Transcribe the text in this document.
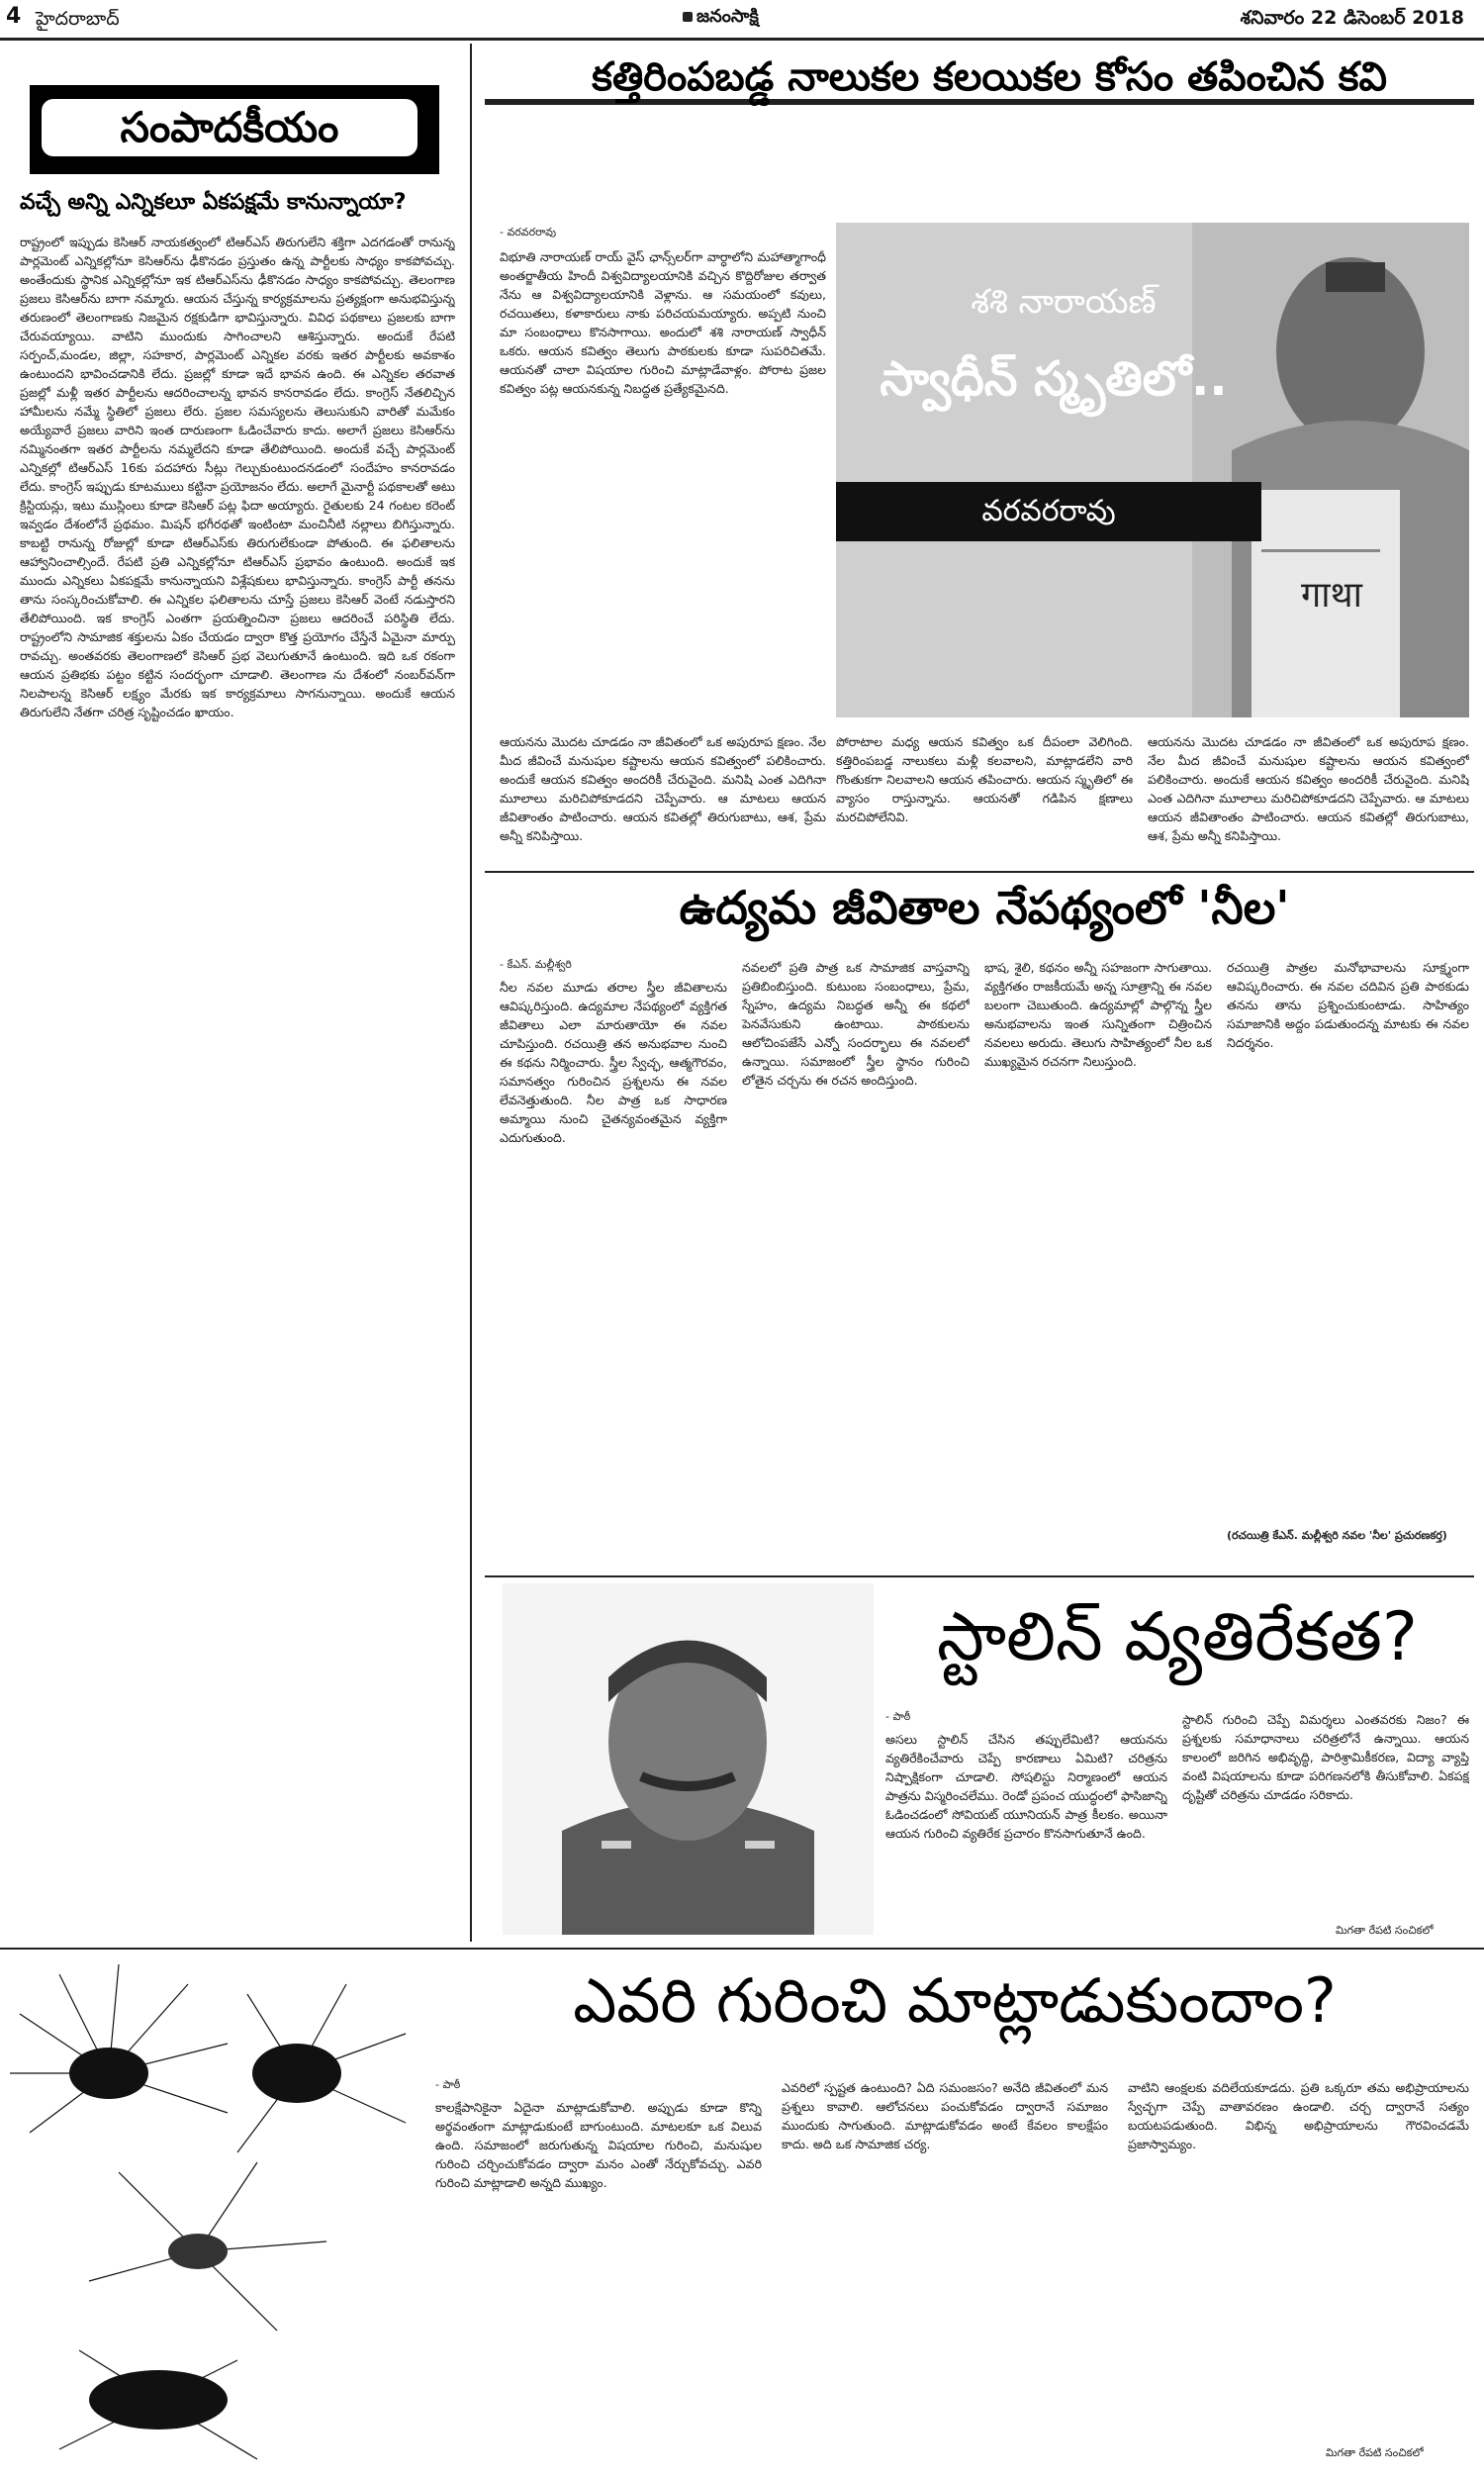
4 హైదరాబాద్	జనంసాక్షి	శనివారం 22 డిసెంబర్ 2018
సంపాదకీయం
వచ్చే అన్ని ఎన్నికలూ ఏకపక్షమే కానున్నాయా?
రాష్ట్రంలో ఇప్పుడు కెసిఆర్ నాయకత్వంలో టిఆర్ఎస్ తిరుగులేని శక్తిగా ఎదగడంతో రానున్న పార్లమెంట్ ఎన్నికల్లోనూ కెసిఆర్‌ను ఢీకొనడం ప్రస్తుతం ఉన్న పార్టీలకు సాధ్యం కాకపోవచ్చు. అంతేందుకు స్థానిక ఎన్నికల్లోనూ ఇక టిఆర్ఎస్‌ను ఢీకొనడం సాధ్యం కాకపోవచ్చు. తెలంగాణ ప్రజలు కెసిఆర్‌ను బాగా నమ్మారు. ఆయన చేస్తున్న కార్యక్రమాలను ప్రత్యక్షంగా అనుభవిస్తున్న తరుణంలో తెలంగాణకు నిజమైన రక్షకుడిగా భావిస్తున్నారు. వివిధ పథకాలు ప్రజలకు బాగా చేరువయ్యాయి. వాటిని ముందుకు సాగించాలని ఆశిస్తున్నారు. అందుకే రేపటి సర్పంచ్,మండల, జిల్లా, సహకార, పార్లమెంట్ ఎన్నికల వరకు ఇతర పార్టీలకు అవకాశం ఉంటుందని భావించడానికి లేదు. ప్రజల్లో కూడా ఇదే భావన ఉంది. ఈ ఎన్నికల తరవాత ప్రజల్లో మళ్లీ ఇతర పార్టీలను ఆదరించాలన్న భావన కానరావడం లేదు. కాంగ్రెస్ నేతలిచ్చిన హామీలను నమ్మే స్థితిలో ప్రజలు లేరు. ప్రజల సమస్యలను తెలుసుకుని వారితో మమేకం అయ్యేవారే ప్రజలు వారిని ఇంత దారుణంగా ఓడించేవారు కాదు. అలాగే ప్రజలు కెసిఆర్‌ను నమ్మినంతగా ఇతర పార్టీలను నమ్మలేదని కూడా తేలిపోయింది. అందుకే వచ్చే పార్లమెంట్ ఎన్నికల్లో టిఆర్ఎస్ 16కు పదహారు సీట్లు గెల్చుకుంటుందనడంలో సందేహం కానరావడం లేదు. కాంగ్రెస్ ఇప్పుడు కూటములు కట్టినా ప్రయోజనం లేదు. అలాగే మైనార్టీ పథకాలతో అటు క్రిస్టియన్లు, ఇటు ముస్లింలు కూడా కెసిఆర్ పట్ల ఫిదా అయ్యారు. రైతులకు 24 గంటల కరెంట్ ఇవ్వడం దేశంలోనే ప్రథమం. మిషన్ భగీరథతో ఇంటింటా మంచినీటి నల్లాలు బిగిస్తున్నారు. కాబట్టి రానున్న రోజుల్లో కూడా టిఆర్ఎస్‌కు తిరుగులేకుండా పోతుంది. ఈ ఫలితాలను ఆహ్వానించాల్సిందే. రేపటి ప్రతి ఎన్నికల్లోనూ టిఆర్ఎస్ ప్రభావం ఉంటుంది. అందుకే ఇక ముందు ఎన్నికలు ఏకపక్షమే కానున్నాయని విశ్లేషకులు భావిస్తున్నారు. కాంగ్రెస్ పార్టీ తనను తాను సంస్కరించుకోవాలి. ఈ ఎన్నికల ఫలితాలను చూస్తే ప్రజలు కెసిఆర్ వెంటే నడుస్తారని తేలిపోయింది. ఇక కాంగ్రెస్ ఎంతగా ప్రయత్నించినా ప్రజలు ఆదరించే పరిస్థితి లేదు. రాష్ట్రంలోని సామాజిక శక్తులను ఏకం చేయడం ద్వారా కొత్త ప్రయోగం చేస్తేనే ఏమైనా మార్పు రావచ్చు. అంతవరకు తెలంగాణలో కెసిఆర్ ప్రభ వెలుగుతూనే ఉంటుంది. ఇది ఒక రకంగా ఆయన ప్రతిభకు పట్టం కట్టిన సందర్భంగా చూడాలి. తెలంగాణ ను దేశంలో నంబర్‌వన్‌గా నిలపాలన్న కెసిఆర్ లక్ష్యం మేరకు ఇక కార్యక్రమాలు సాగనున్నాయి. అందుకే ఆయన తిరుగులేని నేతగా చరిత్ర సృష్టించడం ఖాయం.
కత్తిరింపబడ్డ నాలుకల కలయికల కోసం తపించిన కవి
- వరవరరావు
విభూతి నారాయణ్ రాయ్ వైస్ ఛాన్స్‌లర్‌గా వార్ధాలోని మహాత్మాగాంధీ అంతర్జాతీయ హిందీ విశ్వవిద్యాలయానికి వచ్చిన కొద్దిరోజుల తర్వాత నేను ఆ విశ్వవిద్యాలయానికి వెళ్లాను. ఆ సమయంలో కవులు, రచయితలు, కళాకారులు నాకు పరిచయమయ్యారు. అప్పటి నుంచి మా సంబంధాలు కొనసాగాయి. అందులో శశి నారాయణ్ స్వాధీన్ ఒకరు. ఆయన కవిత్వం తెలుగు పాఠకులకు కూడా సుపరిచితమే. ఆయనతో చాలా విషయాల గురించి మాట్లాడేవాళ్లం. పోరాట ప్రజల కవిత్వం పట్ల ఆయనకున్న నిబద్ధత ప్రత్యేకమైనది.
శశి నారాయణ్
స్వాధీన్ స్మృతిలో..
వరవరరావు
गाथा
ఆయనను మొదట చూడడం నా జీవితంలో ఒక అపురూప క్షణం. నేల మీద జీవించే మనుషుల కష్టాలను ఆయన కవిత్వంలో పలికించారు. అందుకే ఆయన కవిత్వం అందరికీ చేరువైంది. మనిషి ఎంత ఎదిగినా మూలాలు మరిచిపోకూడదని చెప్పేవారు. ఆ మాటలు ఆయన జీవితాంతం పాటించారు. ఆయన కవితల్లో తిరుగుబాటు, ఆశ, ప్రేమ అన్నీ కనిపిస్తాయి.
పోరాటాల మధ్య ఆయన కవిత్వం ఒక దీపంలా వెలిగింది. కత్తిరింపబడ్డ నాలుకలు మళ్లీ కలవాలని, మాట్లాడలేని వారి గొంతుకగా నిలవాలని ఆయన తపించారు. ఆయన స్మృతిలో ఈ వ్యాసం రాస్తున్నాను. ఆయనతో గడిపిన క్షణాలు మరచిపోలేనివి.
ఆయనను మొదట చూడడం నా జీవితంలో ఒక అపురూప క్షణం. నేల మీద జీవించే మనుషుల కష్టాలను ఆయన కవిత్వంలో పలికించారు. అందుకే ఆయన కవిత్వం అందరికీ చేరువైంది. మనిషి ఎంత ఎదిగినా మూలాలు మరిచిపోకూడదని చెప్పేవారు. ఆ మాటలు ఆయన జీవితాంతం పాటించారు. ఆయన కవితల్లో తిరుగుబాటు, ఆశ, ప్రేమ అన్నీ కనిపిస్తాయి.
ఉద్యమ జీవితాల నేపథ్యంలో 'నీల'
- కేఎన్. మల్లీశ్వరి
నీల నవల మూడు తరాల స్త్రీల జీవితాలను ఆవిష్కరిస్తుంది. ఉద్యమాల నేపథ్యంలో వ్యక్తిగత జీవితాలు ఎలా మారుతాయో ఈ నవల చూపిస్తుంది. రచయిత్రి తన అనుభవాల నుంచి ఈ కథను నిర్మించారు. స్త్రీల స్వేచ్ఛ, ఆత్మగౌరవం, సమానత్వం గురించిన ప్రశ్నలను ఈ నవల లేవనెత్తుతుంది. నీల పాత్ర ఒక సాధారణ అమ్మాయి నుంచి చైతన్యవంతమైన వ్యక్తిగా ఎదుగుతుంది.
నవలలో ప్రతి పాత్ర ఒక సామాజిక వాస్తవాన్ని ప్రతిబింబిస్తుంది. కుటుంబ సంబంధాలు, ప్రేమ, స్నేహం, ఉద్యమ నిబద్ధత అన్నీ ఈ కథలో పెనవేసుకుని ఉంటాయి. పాఠకులను ఆలోచింపజేసే ఎన్నో సందర్భాలు ఈ నవలలో ఉన్నాయి. సమాజంలో స్త్రీల స్థానం గురించి లోతైన చర్చను ఈ రచన అందిస్తుంది.
భాష, శైలి, కథనం అన్నీ సహజంగా సాగుతాయి. వ్యక్తిగతం రాజకీయమే అన్న సూత్రాన్ని ఈ నవల బలంగా చెబుతుంది. ఉద్యమాల్లో పాల్గొన్న స్త్రీల అనుభవాలను ఇంత సున్నితంగా చిత్రించిన నవలలు అరుదు. తెలుగు సాహిత్యంలో నీల ఒక ముఖ్యమైన రచనగా నిలుస్తుంది.
రచయిత్రి పాత్రల మనోభావాలను సూక్ష్మంగా ఆవిష్కరించారు. ఈ నవల చదివిన ప్రతి పాఠకుడు తనను తాను ప్రశ్నించుకుంటాడు. సాహిత్యం సమాజానికి అద్దం పడుతుందన్న మాటకు ఈ నవల నిదర్శనం.
(రచయిత్రి కేఎన్. మల్లీశ్వరి నవల 'నీల' ప్రచురణకర్త)
స్టాలిన్ వ్యతిరేకత?
- పాఠీ
అసలు స్టాలిన్ చేసిన తప్పులేమిటి? ఆయనను వ్యతిరేకించేవారు చెప్పే కారణాలు ఏమిటి? చరిత్రను నిష్పాక్షికంగా చూడాలి. సోషలిస్టు నిర్మాణంలో ఆయన పాత్రను విస్మరించలేము. రెండో ప్రపంచ యుద్ధంలో ఫాసిజాన్ని ఓడించడంలో సోవియట్ యూనియన్ పాత్ర కీలకం. అయినా ఆయన గురించి వ్యతిరేక ప్రచారం కొనసాగుతూనే ఉంది.
స్టాలిన్ గురించి చెప్పే విమర్శలు ఎంతవరకు నిజం? ఈ ప్రశ్నలకు సమాధానాలు చరిత్రలోనే ఉన్నాయి. ఆయన కాలంలో జరిగిన అభివృద్ధి, పారిశ్రామికీకరణ, విద్యా వ్యాప్తి వంటి విషయాలను కూడా పరిగణనలోకి తీసుకోవాలి. ఏకపక్ష దృష్టితో చరిత్రను చూడడం సరికాదు.
మిగతా రేపటి సంచికలో
ఎవరి గురించి మాట్లాడుకుందాం?
- పాఠీ
కాలక్షేపానికైనా ఏదైనా మాట్లాడుకోవాలి. అప్పుడు కూడా కొన్ని అర్థవంతంగా మాట్లాడుకుంటే బాగుంటుంది. మాటలకూ ఒక విలువ ఉంది. సమాజంలో జరుగుతున్న విషయాల గురించి, మనుషుల గురించి చర్చించుకోవడం ద్వారా మనం ఎంతో నేర్చుకోవచ్చు. ఎవరి గురించి మాట్లాడాలి అన్నది ముఖ్యం.
ఎవరిలో స్పష్టత ఉంటుంది? ఏది సమంజసం? అనేది జీవితంలో మన ప్రశ్నలు కావాలి. ఆలోచనలు పంచుకోవడం ద్వారానే సమాజం ముందుకు సాగుతుంది. మాట్లాడుకోవడం అంటే కేవలం కాలక్షేపం కాదు. అది ఒక సామాజిక చర్య.
వాటిని ఆంక్షలకు వదిలేయకూడదు. ప్రతి ఒక్కరూ తమ అభిప్రాయాలను స్వేచ్ఛగా చెప్పే వాతావరణం ఉండాలి. చర్చ ద్వారానే సత్యం బయటపడుతుంది. విభిన్న అభిప్రాయాలను గౌరవించడమే ప్రజాస్వామ్యం.
మిగతా రేపటి సంచికలో
